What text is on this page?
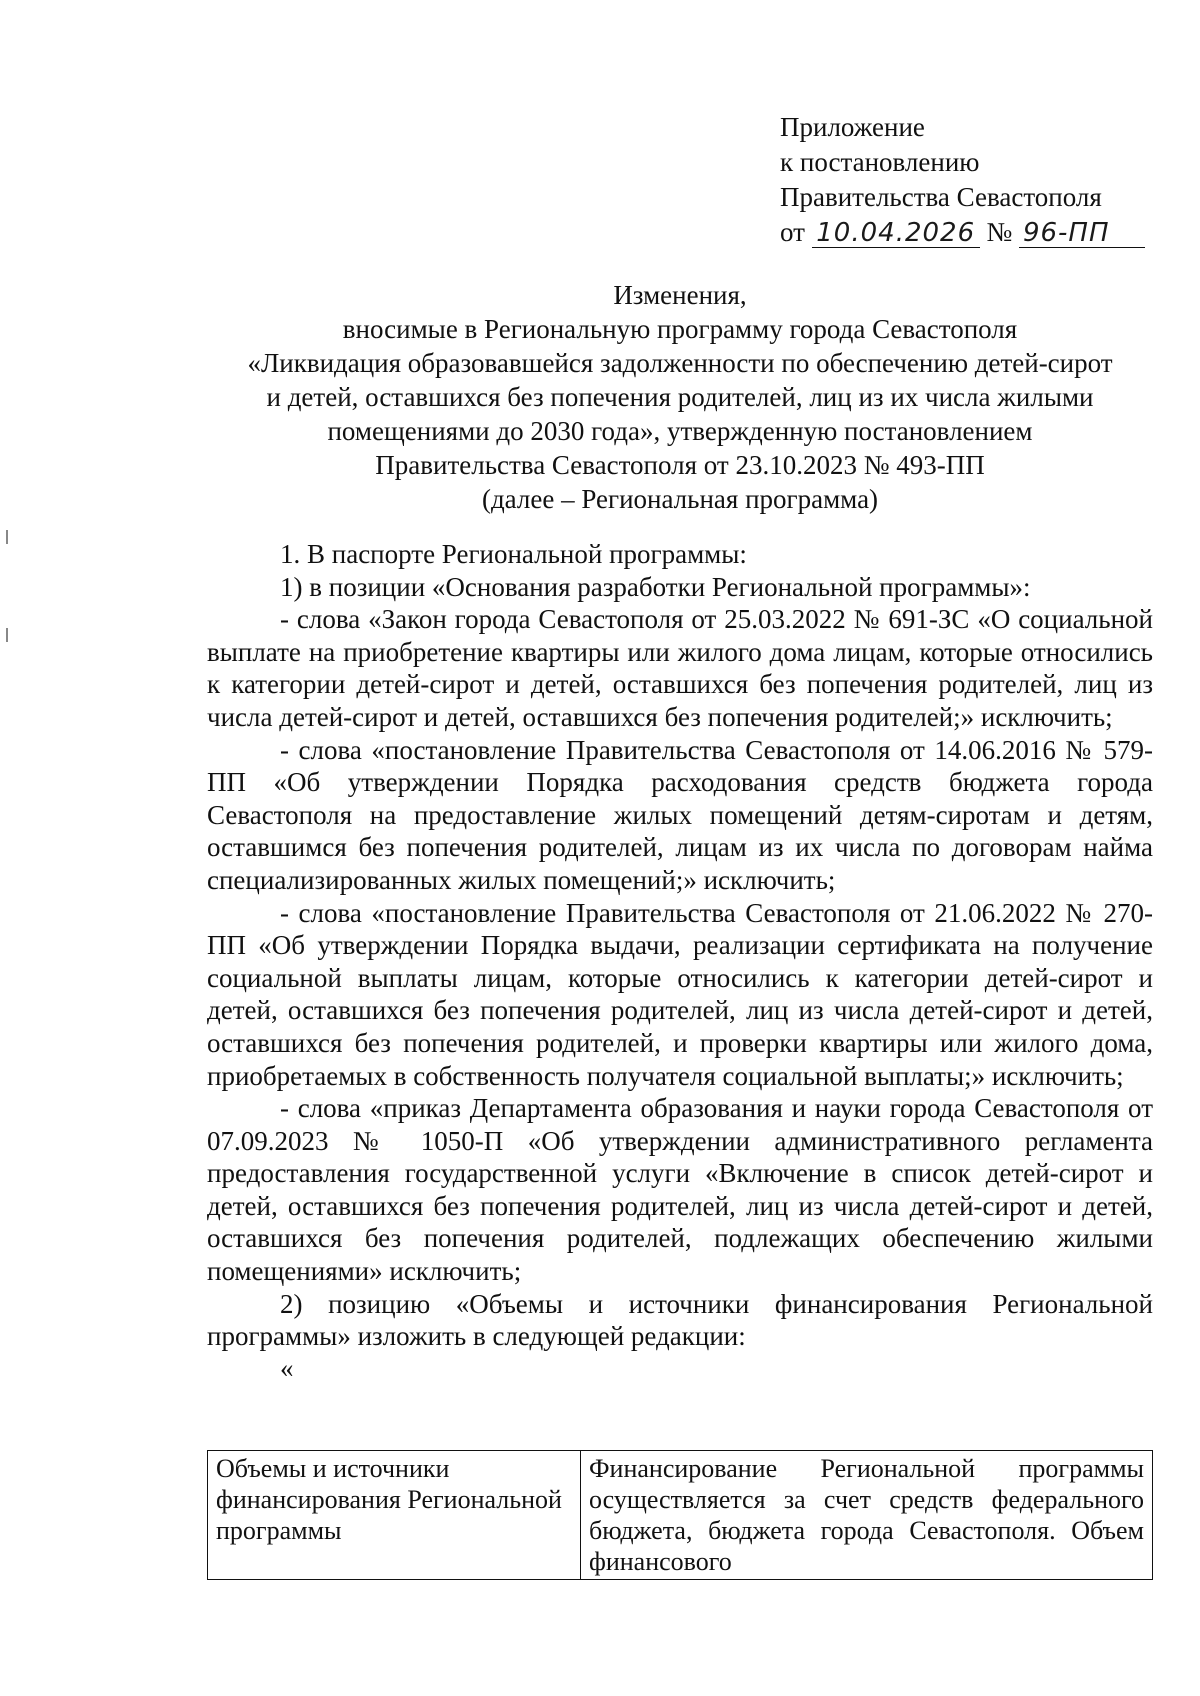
Приложение
к постановлению
Правительства Севастополя
от 10.04.2026 № 96-ПП
Изменения,
вносимые в Региональную программу города Севастополя
«Ликвидация образовавшейся задолженности по обеспечению детей-сирот
и детей, оставшихся без попечения родителей, лиц из их числа жилыми
помещениями до 2030 года», утвержденную постановлением
Правительства Севастополя от 23.10.2023 № 493-ПП
(далее – Региональная программа)
1. В паспорте Региональной программы:
1) в позиции «Основания разработки Региональной программы»:
- слова «Закон города Севастополя от 25.03.2022 № 691-ЗС «О социальной выплате на приобретение квартиры или жилого дома лицам, которые относились к категории детей-сирот и детей, оставшихся без попечения родителей, лиц из числа детей-сирот и детей, оставшихся без попечения родителей;» исключить;
- слова «постановление Правительства Севастополя от 14.06.2016 № 579-ПП «Об утверждении Порядка расходования средств бюджета города Севастополя на предоставление жилых помещений детям-сиротам и детям, оставшимся без попечения родителей, лицам из их числа по договорам найма специализированных жилых помещений;» исключить;
- слова «постановление Правительства Севастополя от 21.06.2022 № 270-ПП «Об утверждении Порядка выдачи, реализации сертификата на получение социальной выплаты лицам, которые относились к категории детей-сирот и детей, оставшихся без попечения родителей, лиц из числа детей-сирот и детей, оставшихся без попечения родителей, и проверки квартиры или жилого дома, приобретаемых в собственность получателя социальной выплаты;» исключить;
- слова «приказ Департамента образования и науки города Севастополя от 07.09.2023 № 1050-П «Об утверждении административного регламента предоставления государственной услуги «Включение в список детей-сирот и детей, оставшихся без попечения родителей, лиц из числа детей-сирот и детей, оставшихся без попечения родителей, подлежащих обеспечению жилыми помещениями» исключить;
2) позицию «Объемы и источники финансирования Региональной программы» изложить в следующей редакции:
«
Объемы и источники финансирования Региональной программы	Финансирование Региональной программы осуществляется за счет средств федерального бюджета, бюджета города Севастополя. Объем финансового
